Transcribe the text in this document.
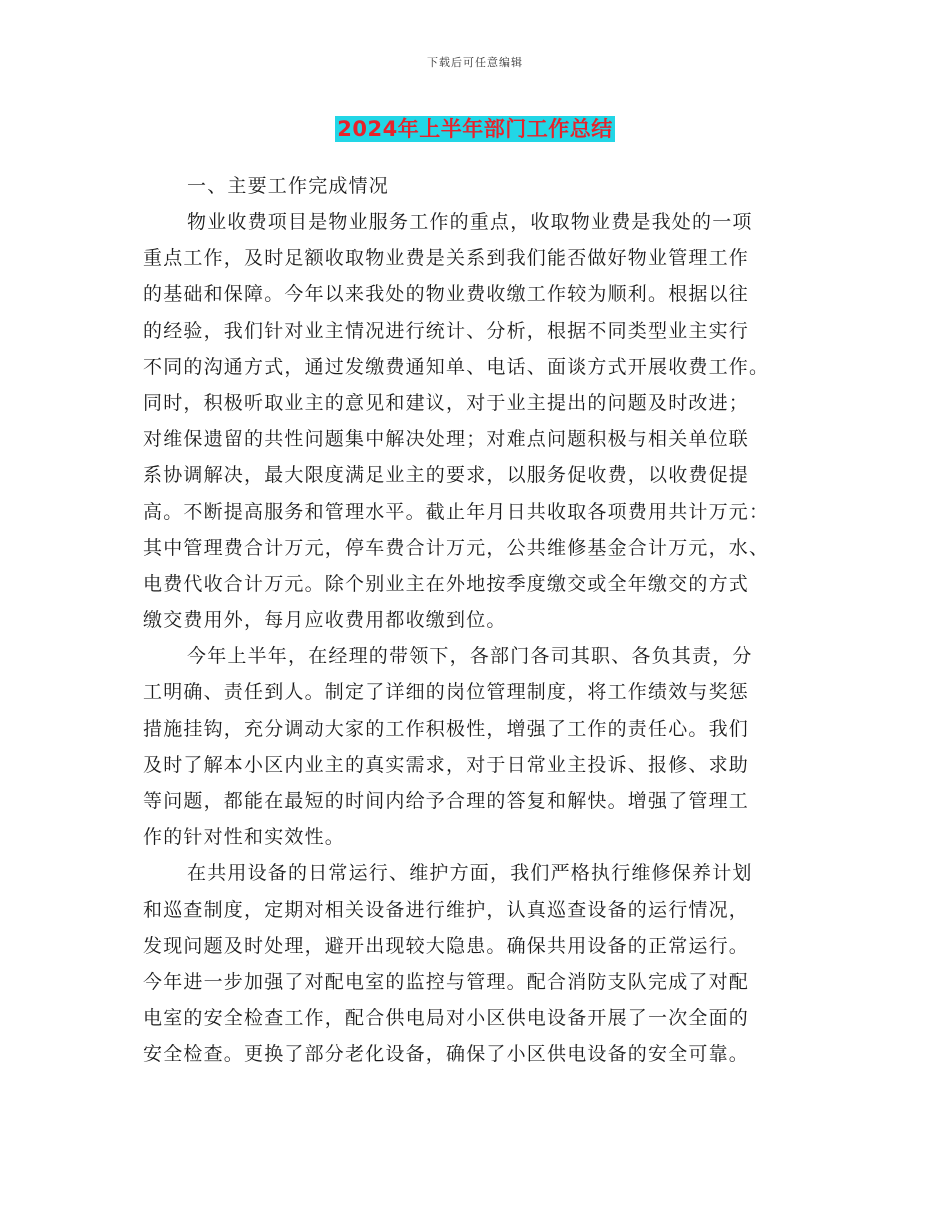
下载后可任意编辑
2024年上半年部门工作总结
一、主要工作完成情况
物业收费项目是物业服务工作的重点，收取物业费是我处的一项
重点工作，及时足额收取物业费是关系到我们能否做好物业管理工作
的基础和保障。今年以来我处的物业费收缴工作较为顺利。根据以往
的经验，我们针对业主情况进行统计、分析，根据不同类型业主实行
不同的沟通方式，通过发缴费通知单、电话、面谈方式开展收费工作。
同时，积极听取业主的意见和建议，对于业主提出的问题及时改进；
对维保遗留的共性问题集中解决处理；对难点问题积极与相关单位联
系协调解决，最大限度满足业主的要求，以服务促收费，以收费促提
高。不断提高服务和管理水平。截止年月日共收取各项费用共计万元：
其中管理费合计万元，停车费合计万元，公共维修基金合计万元，水、
电费代收合计万元。除个别业主在外地按季度缴交或全年缴交的方式
缴交费用外，每月应收费用都收缴到位。
今年上半年，在经理的带领下，各部门各司其职、各负其责，分
工明确、责任到人。制定了详细的岗位管理制度，将工作绩效与奖惩
措施挂钩，充分调动大家的工作积极性，增强了工作的责任心。我们
及时了解本小区内业主的真实需求，对于日常业主投诉、报修、求助
等问题，都能在最短的时间内给予合理的答复和解快。增强了管理工
作的针对性和实效性。
在共用设备的日常运行、维护方面，我们严格执行维修保养计划
和巡查制度，定期对相关设备进行维护，认真巡查设备的运行情况，
发现问题及时处理，避开出现较大隐患。确保共用设备的正常运行。
今年进一步加强了对配电室的监控与管理。配合消防支队完成了对配
电室的安全检查工作，配合供电局对小区供电设备开展了一次全面的
安全检查。更换了部分老化设备，确保了小区供电设备的安全可靠。
